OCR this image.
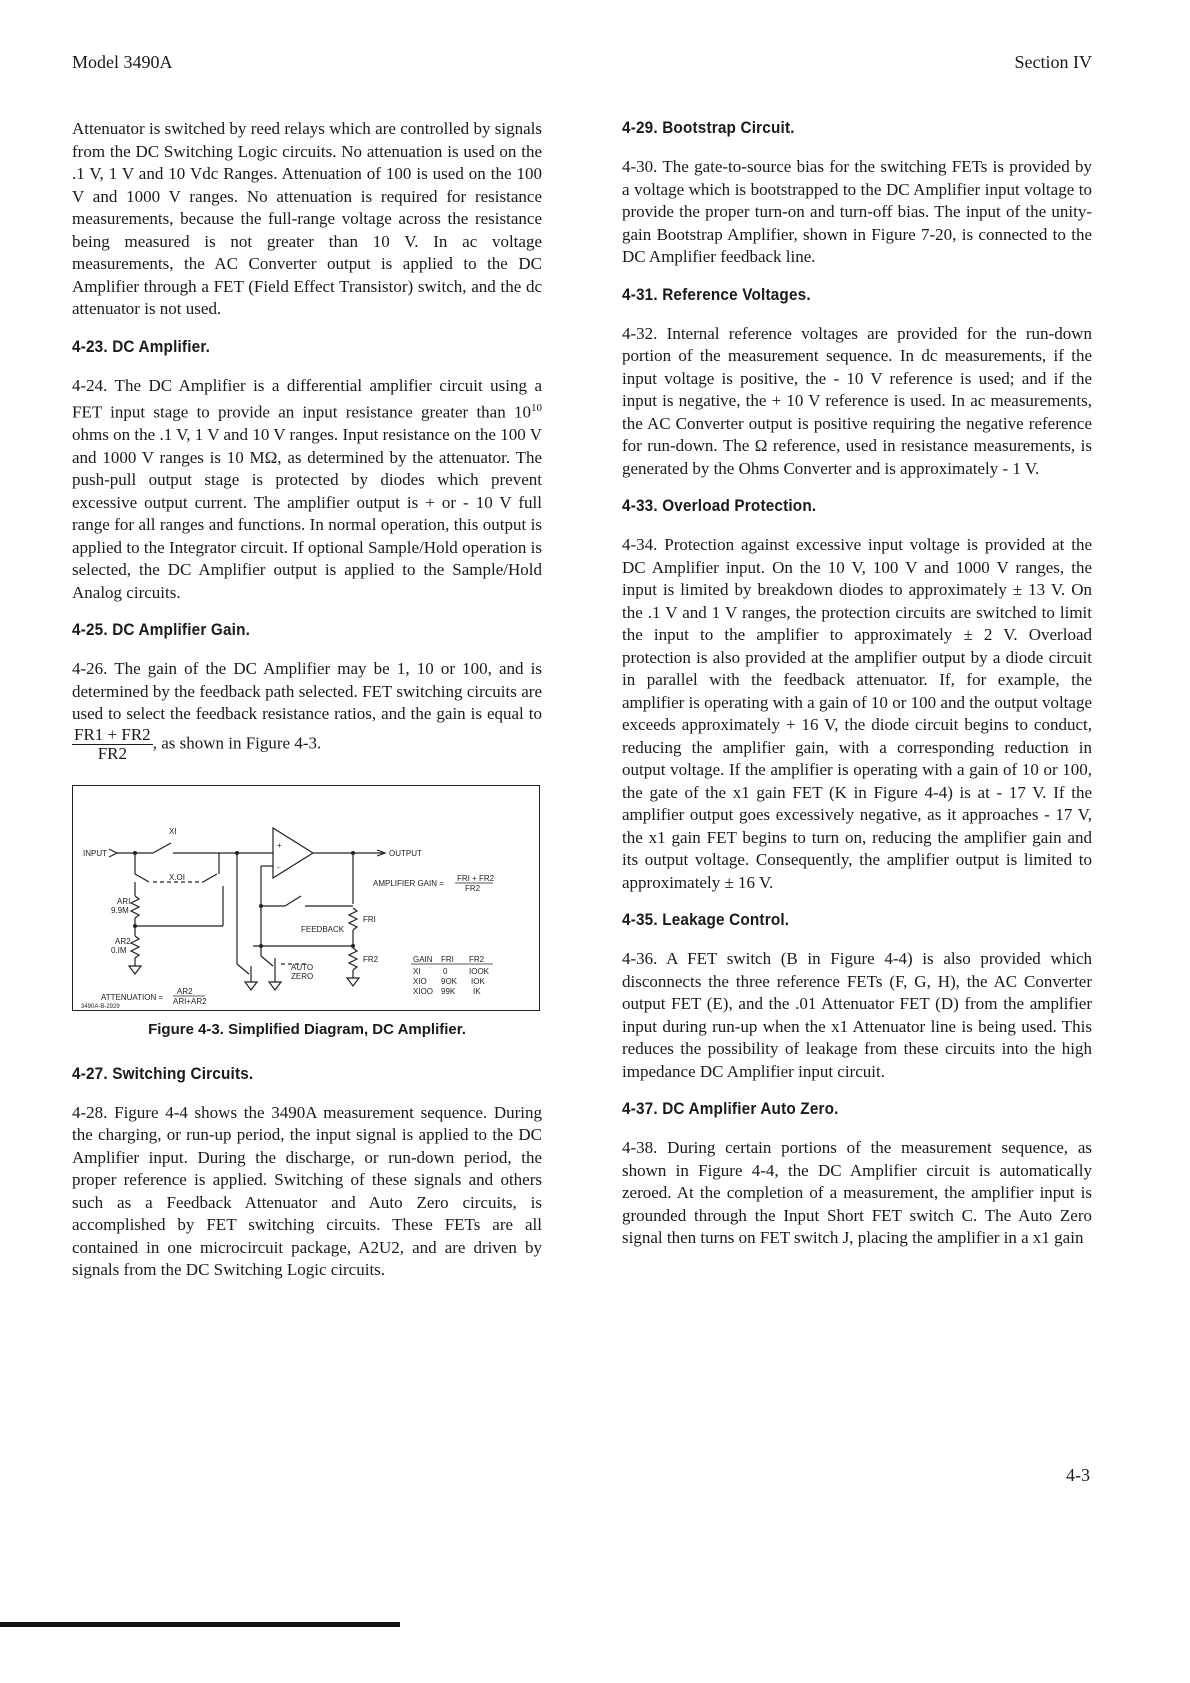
Model 3490A	Section IV

Attenuator is switched by reed relays which are controlled by signals from the DC Switching Logic circuits. No attenuation is used on the .1 V, 1 V and 10 Vdc Ranges. Attenuation of 100 is used on the 100 V and 1000 V ranges. No attenuation is required for resistance measurements, because the full-range voltage across the resistance being measured is not greater than 10 V. In ac voltage measurements, the AC Converter output is applied to the DC Amplifier through a FET (Field Effect Transistor) switch, and the dc attenuator is not used.

4-23. DC Amplifier.

4-24. The DC Amplifier is a differential amplifier circuit using a FET input stage to provide an input resistance greater than $10^{10}$ ohms on the .1 V, 1 V and 10 V ranges. Input resistance on the 100 V and 1000 V ranges is 10 MΩ, as determined by the attenuator. The push-pull output stage is protected by diodes which prevent excessive output current. The amplifier output is + or - 10 V full range for all ranges and functions. In normal operation, this output is applied to the Integrator circuit. If optional Sample/Hold operation is selected, the DC Amplifier output is applied to the Sample/Hold Analog circuits.

4-25. DC Amplifier Gain.

4-26. The gain of the DC Amplifier may be 1, 10 or 100, and is determined by the feedback path selected. FET switching circuits are used to select the feedback resistance ratios, and the gain is equal to
$\frac{FR1 + FR2}{FR2}$ , as shown in Figure 4-3.

INPUT
XI
X.OI
ARI
9.9M
AR2
0.IM
ATTENUATION =
AR2
ARI+AR2
+
-
OUTPUT
AMPLIFIER GAIN =
FRI + FR2
FR2
FEEDBACK
FRI
FR2
AUTO
ZERO
GAIN FRI FR2
XI	0	IOOK
XIO 9OK IOK
XIOO 99K IK
3490A-B-2929
Figure 4-3. Simplified Diagram, DC Amplifier.
4-27. Switching Circuits.

4-28. Figure 4-4 shows the 3490A measurement sequence. During the charging, or run-up period, the input signal is applied to the DC Amplifier input. During the discharge, or run-down period, the proper reference is applied. Switching of these signals and others such as a Feedback Attenuator and Auto Zero circuits, is accomplished by FET switching circuits. These FETs are all contained in one microcircuit package, A2U2, and are driven by signals from the DC Switching Logic circuits.

4-29. Bootstrap Circuit.

4-30. The gate-to-source bias for the switching FETs is provided by a voltage which is bootstrapped to the DC Amplifier input voltage to provide the proper turn-on and turn-off bias. The input of the unity-gain Bootstrap Amplifier, shown in Figure 7-20, is connected to the DC Amplifier feedback line.

4-31. Reference Voltages.

4-32. Internal reference voltages are provided for the run-down portion of the measurement sequence. In dc measurements, if the input voltage is positive, the - 10 V reference is used; and if the input is negative, the + 10 V reference is used. In ac measurements, the AC Converter output is positive requiring the negative reference for run-down. The Ω reference, used in resistance measurements, is generated by the Ohms Converter and is approximately - 1 V.

4-33. Overload Protection.

4-34. Protection against excessive input voltage is provided at the DC Amplifier input. On the 10 V, 100 V and 1000 V ranges, the input is limited by breakdown diodes to approximately ± 13 V. On the .1 V and 1 V ranges, the protection circuits are switched to limit the input to the amplifier to approximately ± 2 V. Overload protection is also provided at the amplifier output by a diode circuit in parallel with the feedback attenuator. If, for example, the amplifier is operating with a gain of 10 or 100 and the output voltage exceeds approximately + 16 V, the diode circuit begins to conduct, reducing the amplifier gain, with a corresponding reduction in output voltage. If the amplifier is operating with a gain of 10 or 100, the gate of the x1 gain FET (K in Figure 4-4) is at - 17 V. If the amplifier output goes excessively negative, as it approaches - 17 V, the x1 gain FET begins to turn on, reducing the amplifier gain and its output voltage. Consequently, the amplifier output is limited to approximately ± 16 V.

4-35. Leakage Control.

4-36. A FET switch (B in Figure 4-4) is also provided which disconnects the three reference FETs (F, G, H), the AC Converter output FET (E), and the .01 Attenuator FET (D) from the amplifier input during run-up when the x1 Attenuator line is being used. This reduces the possibility of leakage from these circuits into the high impedance DC Amplifier input circuit.

4-37. DC Amplifier Auto Zero.

4-38. During certain portions of the measurement sequence, as shown in Figure 4-4, the DC Amplifier circuit is automatically zeroed. At the completion of a measurement, the amplifier input is grounded through the Input Short FET switch C. The Auto Zero signal then turns on FET switch J, placing the amplifier in a x1 gain

4-3
